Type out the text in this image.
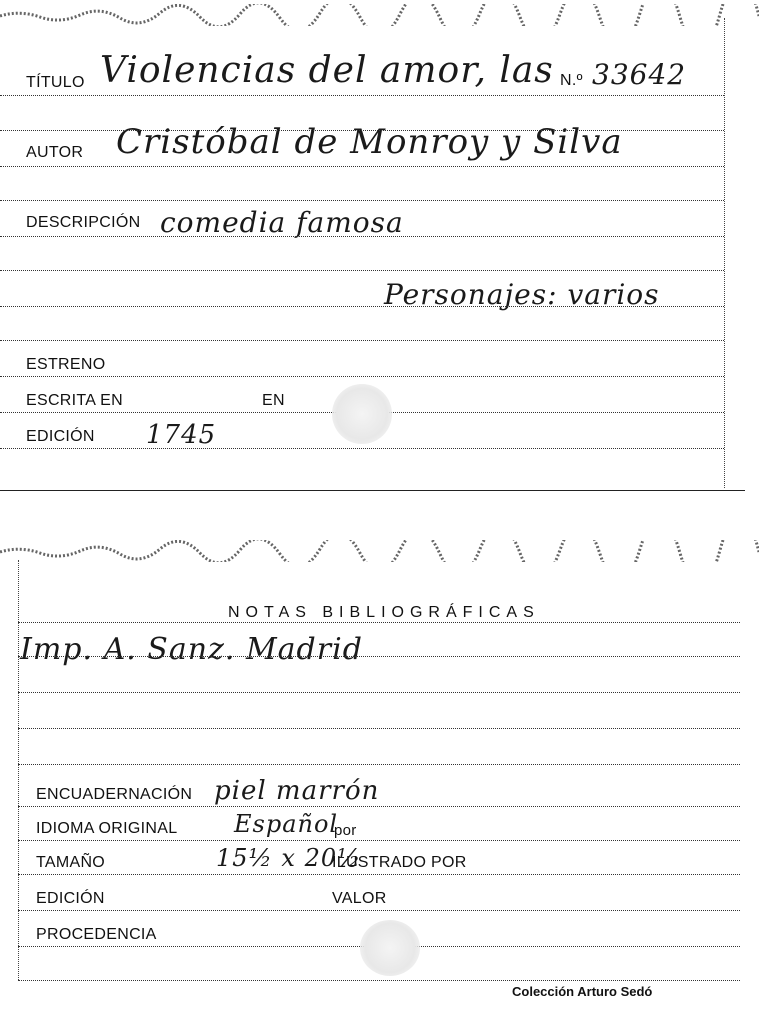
TÍTULO Violencias del amor, las N.º 33642
AUTOR Cristóbal de Monroy y Silva
DESCRIPCIÓN comedia famosa
Personajes: varios
ESTRENO
ESCRITA EN	EN
EDICIÓN 1745
NOTAS BIBLIOGRÁFICAS
Imp. A. Sanz. Madrid
ENCUADERNACIÓN piel marrón
IDIOMA ORIGINAL Español
por
TAMAÑO	15½ x 20½
ILUSTRADO POR
EDICIÓN	VALOR
PROCEDENCIA
Colección Arturo Sedó
